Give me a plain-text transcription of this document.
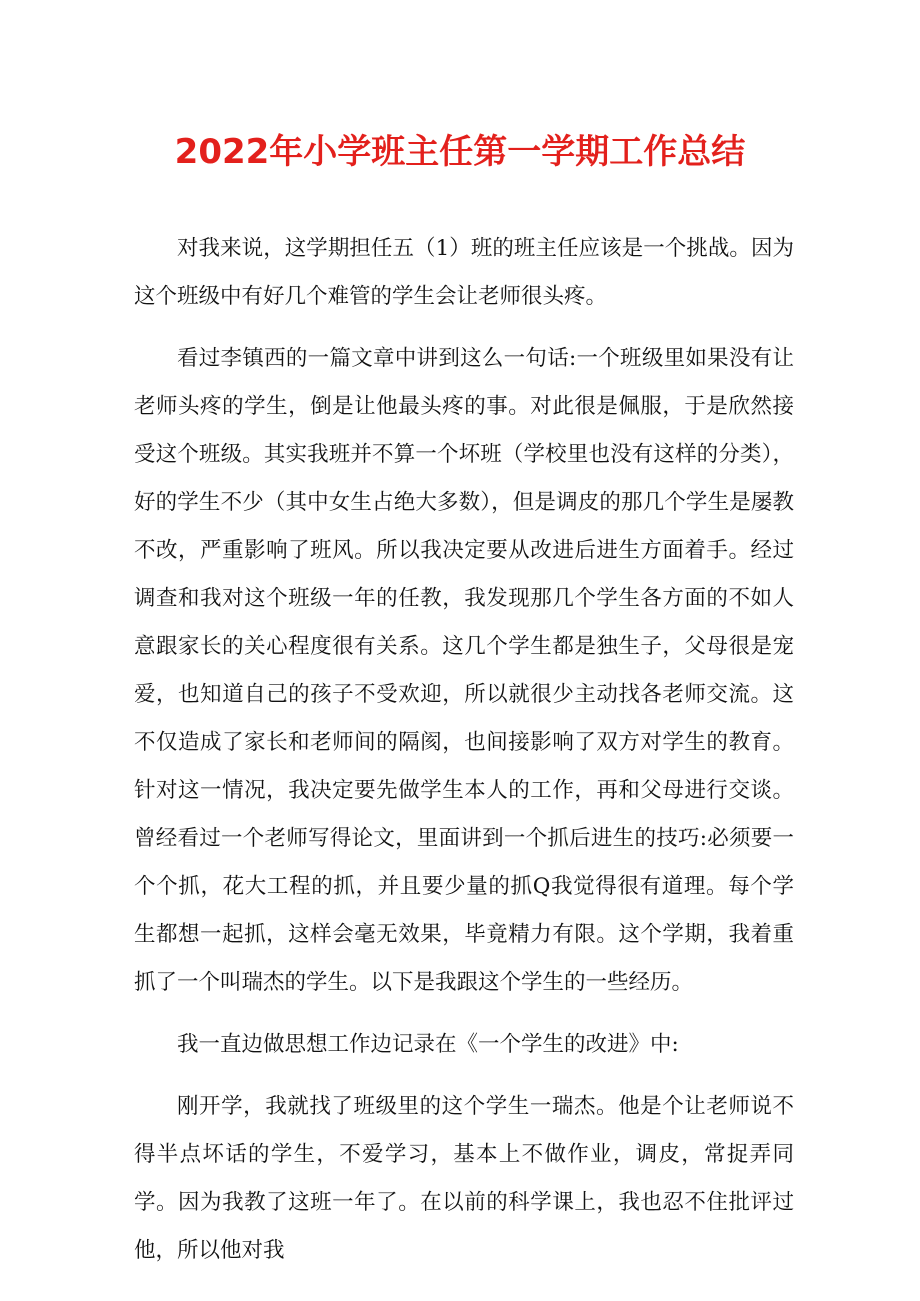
2022年小学班主任第一学期工作总结

对我来说，这学期担任五（1）班的班主任应该是一个挑战。因为这个班级中有好几个难管的学生会让老师很头疼。

看过李镇西的一篇文章中讲到这么一句话:一个班级里如果没有让老师头疼的学生，倒是让他最头疼的事。对此很是佩服，于是欣然接受这个班级。其实我班并不算一个坏班（学校里也没有这样的分类），好的学生不少（其中女生占绝大多数），但是调皮的那几个学生是屡教不改，严重影响了班风。所以我决定要从改进后进生方面着手。经过调查和我对这个班级一年的任教，我发现那几个学生各方面的不如人意跟家长的关心程度很有关系。这几个学生都是独生子，父母很是宠爱，也知道自己的孩子不受欢迎，所以就很少主动找各老师交流。这不仅造成了家长和老师间的隔阂，也间接影响了双方对学生的教育。针对这一情况，我决定要先做学生本人的工作，再和父母进行交谈。曾经看过一个老师写得论文，里面讲到一个抓后进生的技巧:必须要一个个抓，花大工程的抓，并且要少量的抓Q我觉得很有道理。每个学生都想一起抓，这样会毫无效果，毕竟精力有限。这个学期，我着重抓了一个叫瑞杰的学生。以下是我跟这个学生的一些经历。

我一直边做思想工作边记录在《一个学生的改进》中:

刚开学，我就找了班级里的这个学生一瑞杰。他是个让老师说不得半点坏话的学生，不爱学习，基本上不做作业，调皮，常捉弄同学。因为我教了这班一年了。在以前的科学课上，我也忍不住批评过他，所以他对我
